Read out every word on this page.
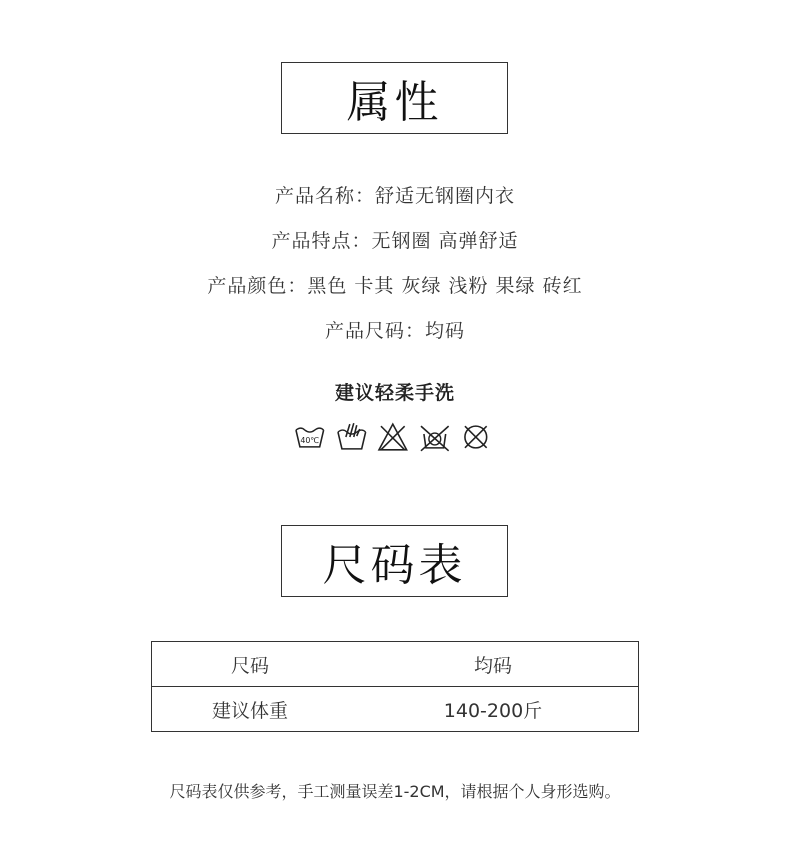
属性
产品名称：舒适无钢圈内衣
产品特点：无钢圈 高弹舒适
产品颜色：黑色 卡其 灰绿 浅粉 果绿 砖红
产品尺码：均码
建议轻柔手洗
40℃
尺码表
尺码	均码
建议体重	140-200斤
尺码表仅供参考，手工测量误差1-2CM，请根据个人身形选购。
